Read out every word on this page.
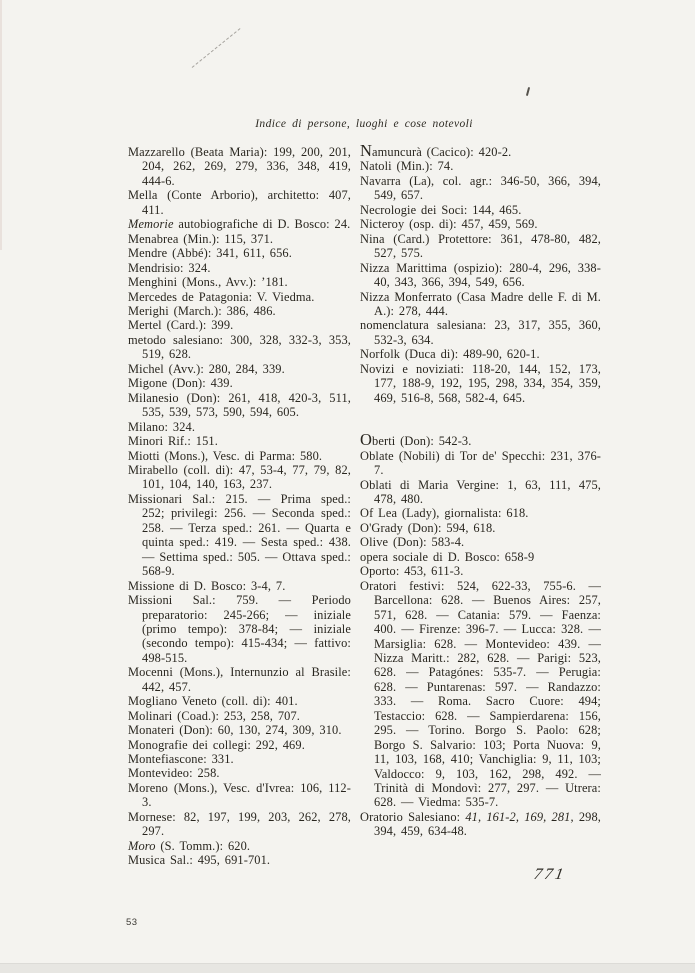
Indice di persone, luoghi e cose notevoli
Mazzarello (Beata Maria): 199, 200, 201, 204, 262, 269, 279, 336, 348, 419, 444-6.
Mella (Conte Arborio), architetto: 407, 411.
Memorie autobiografiche di D. Bosco: 24.
Menabrea (Min.): 115, 371.
Mendre (Abbé): 341, 611, 656.
Mendrisio: 324.
Menghini (Mons., Avv.): ʼ181.
Mercedes de Patagonia: V. Viedma.
Merighi (March.): 386, 486.
Mertel (Card.): 399.
metodo salesiano: 300, 328, 332-3, 353, 519, 628.
Michel (Avv.): 280, 284, 339.
Migone (Don): 439.
Milanesio (Don): 261, 418, 420-3, 511, 535, 539, 573, 590, 594, 605.
Milano: 324.
Minori Rif.: 151.
Miotti (Mons.), Vesc. di Parma: 580.
Mirabello (coll. di): 47, 53-4, 77, 79, 82, 101, 104, 140, 163, 237.
Missionari Sal.: 215. — Prima sped.: 252; privilegi: 256. — Seconda sped.: 258. — Terza sped.: 261. — Quarta e quinta sped.: 419. — Sesta sped.: 438. — Settima sped.: 505. — Ottava sped.: 568-9.
Missione di D. Bosco: 3-4, 7.
Missioni Sal.: 759. — Periodo preparatorio: 245-266; — iniziale (primo tempo): 378-84; — iniziale (secondo tempo): 415-434; — fattivo: 498-515.
Mocenni (Mons.), Internunzio al Brasile: 442, 457.
Mogliano Veneto (coll. di): 401.
Molinari (Coad.): 253, 258, 707.
Monateri (Don): 60, 130, 274, 309, 310.
Monografie dei collegi: 292, 469.
Montefiascone: 331.
Montevideo: 258.
Moreno (Mons.), Vesc. d'Ivrea: 106, 112-3.
Mornese: 82, 197, 199, 203, 262, 278, 297.
Moro (S. Tomm.): 620.
Musica Sal.: 495, 691-701.
Namuncurà (Cacico): 420-2.
Natoli (Min.): 74.
Navarra (La), col. agr.: 346-50, 366, 394, 549, 657.
Necrologie dei Soci: 144, 465.
Nicteroy (osp. di): 457, 459, 569.
Nina (Card.) Protettore: 361, 478-80, 482, 527, 575.
Nizza Marittima (ospizio): 280-4, 296, 338-40, 343, 366, 394, 549, 656.
Nizza Monferrato (Casa Madre delle F. di M. A.): 278, 444.
nomenclatura salesiana: 23, 317, 355, 360, 532-3, 634.
Norfolk (Duca di): 489-90, 620-1.
Novizi e noviziati: 118-20, 144, 152, 173, 177, 188-9, 192, 195, 298, 334, 354, 359, 469, 516-8, 568, 582-4, 645.
Oberti (Don): 542-3.
Oblate (Nobili) di Tor de' Specchi: 231, 376-7.
Oblati di Maria Vergine: 1, 63, 111, 475, 478, 480.
Of Lea (Lady), giornalista: 618.
O'Grady (Don): 594, 618.
Olive (Don): 583-4.
opera sociale di D. Bosco: 658-9
Oporto: 453, 611-3.
Oratori festivi: 524, 622-33, 755-6. — Barcellona: 628. — Buenos Aires: 257, 571, 628. — Catania: 579. — Faenza: 400. — Firenze: 396-7. — Lucca: 328. — Marsiglia: 628. — Montevideo: 439. — Nizza Maritt.: 282, 628. — Parigi: 523, 628. — Patagónes: 535-7. — Perugia: 628. — Puntarenas: 597. — Randazzo: 333. — Roma. Sacro Cuore: 494; Testaccio: 628. — Sampierdarena: 156, 295. — Torino. Borgo S. Paolo: 628; Borgo S. Salvario: 103; Porta Nuova: 9, 11, 103, 168, 410; Vanchiglia: 9, 11, 103; Valdocco: 9, 103, 162, 298, 492. — Trinità di Mondovì: 277, 297. — Utrera: 628. — Viedma: 535-7.
Oratorio Salesiano: 41, 161-2, 169, 281, 298, 394, 459, 634-48.
771
53
